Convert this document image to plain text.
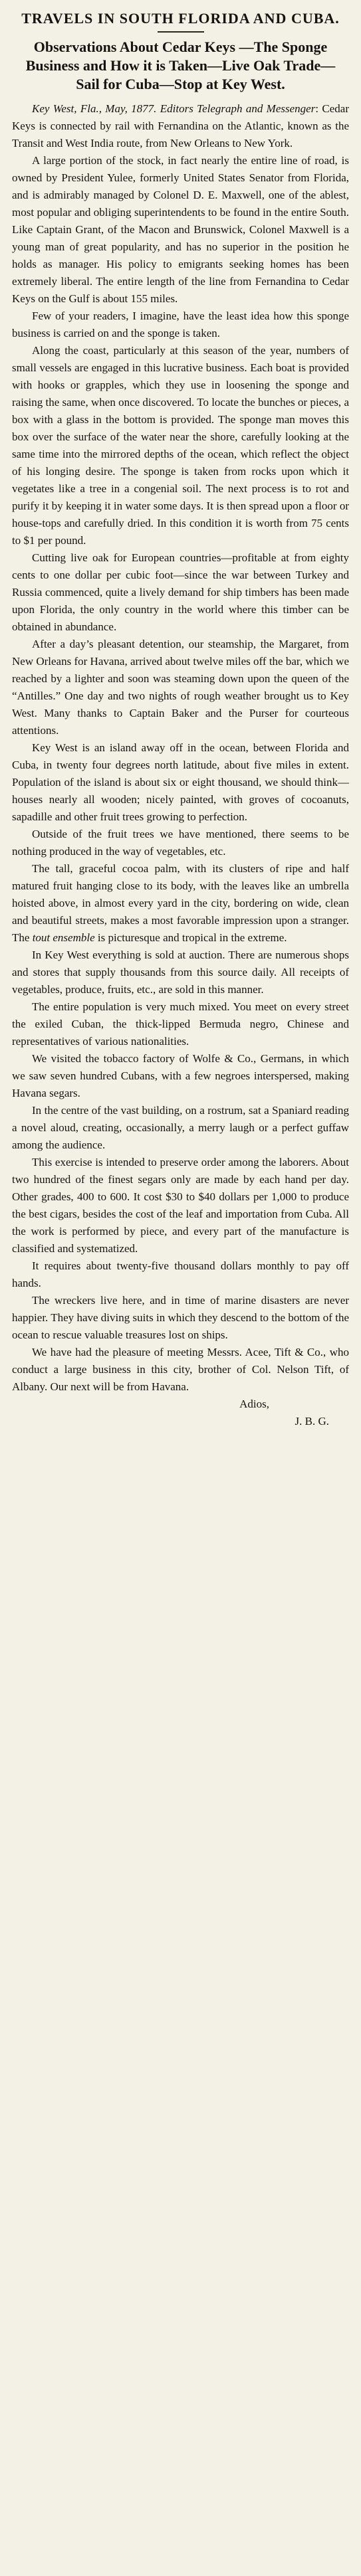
TRAVELS IN SOUTH FLORIDA AND CUBA.
Observations About Cedar Keys —The Sponge Business and How it is Taken—Live Oak Trade—Sail for Cuba—Stop at Key West.

Key West, Fla., May, 1877. Editors Telegraph and Messenger: Cedar Keys is connected by rail with Fernandina on the Atlantic, known as the Transit and West India route, from New Orleans to New York.

A large portion of the stock, in fact nearly the entire line of road, is owned by President Yulee, formerly United States Senator from Florida, and is admirably managed by Colonel D. E. Maxwell, one of the ablest, most popular and obliging superintendents to be found in the entire South. Like Captain Grant, of the Macon and Brunswick, Colonel Maxwell is a young man of great popularity, and has no superior in the position he holds as manager. His policy to emigrants seeking homes has been extremely liberal. The entire length of the line from Fernandina to Cedar Keys on the Gulf is about 155 miles.

Few of your readers, I imagine, have the least idea how this sponge business is carried on and the sponge is taken.

Along the coast, particularly at this season of the year, numbers of small vessels are engaged in this lucrative business. Each boat is provided with hooks or grapples, which they use in loosening the sponge and raising the same, when once discovered. To locate the bunches or pieces, a box with a glass in the bottom is provided. The sponge man moves this box over the surface of the water near the shore, carefully looking at the same time into the mirrored depths of the ocean, which reflect the object of his longing desire. The sponge is taken from rocks upon which it vegetates like a tree in a congenial soil. The next process is to rot and purify it by keeping it in water some days. It is then spread upon a floor or house-tops and carefully dried. In this condition it is worth from 75 cents to $1 per pound.

Cutting live oak for European countries—profitable at from eighty cents to one dollar per cubic foot—since the war between Turkey and Russia commenced, quite a lively demand for ship timbers has been made upon Florida, the only country in the world where this timber can be obtained in abundance.

After a day’s pleasant detention, our steamship, the Margaret, from New Orleans for Havana, arrived about twelve miles off the bar, which we reached by a lighter and soon was steaming down upon the queen of the “Antilles.” One day and two nights of rough weather brought us to Key West. Many thanks to Captain Baker and the Purser for courteous attentions.

Key West is an island away off in the ocean, between Florida and Cuba, in twenty four degrees north latitude, about five miles in extent. Population of the island is about six or eight thousand, we should think—houses nearly all wooden; nicely painted, with groves of cocoanuts, sapadille and other fruit trees growing to perfection.

Outside of the fruit trees we have mentioned, there seems to be nothing produced in the way of vegetables, etc.

The tall, graceful cocoa palm, with its clusters of ripe and half matured fruit hanging close to its body, with the leaves like an umbrella hoisted above, in almost every yard in the city, bordering on wide, clean and beautiful streets, makes a most favorable impression upon a stranger. The tout ensemble is picturesque and tropical in the extreme.

In Key West everything is sold at auction. There are numerous shops and stores that supply thousands from this source daily. All receipts of vegetables, produce, fruits, etc., are sold in this manner.

The entire population is very much mixed. You meet on every street the exiled Cuban, the thick-lipped Bermuda negro, Chinese and representatives of various nationalities.

We visited the tobacco factory of Wolfe & Co., Germans, in which we saw seven hundred Cubans, with a few negroes interspersed, making Havana segars.

In the centre of the vast building, on a rostrum, sat a Spaniard reading a novel aloud, creating, occasionally, a merry laugh or a perfect guffaw among the audience.

This exercise is intended to preserve order among the laborers. About two hundred of the finest segars only are made by each hand per day. Other grades, 400 to 600. It cost $30 to $40 dollars per 1,000 to produce the best cigars, besides the cost of the leaf and importation from Cuba. All the work is performed by piece, and every part of the manufacture is classified and systematized.

It requires about twenty-five thousand dollars monthly to pay off hands.

The wreckers live here, and in time of marine disasters are never happier. They have diving suits in which they descend to the bottom of the ocean to rescue valuable treasures lost on ships.

We have had the pleasure of meeting Messrs. Acee, Tift & Co., who conduct a large business in this city, brother of Col. Nelson Tift, of Albany. Our next will be from Havana.

Adios,

J. B. G.
